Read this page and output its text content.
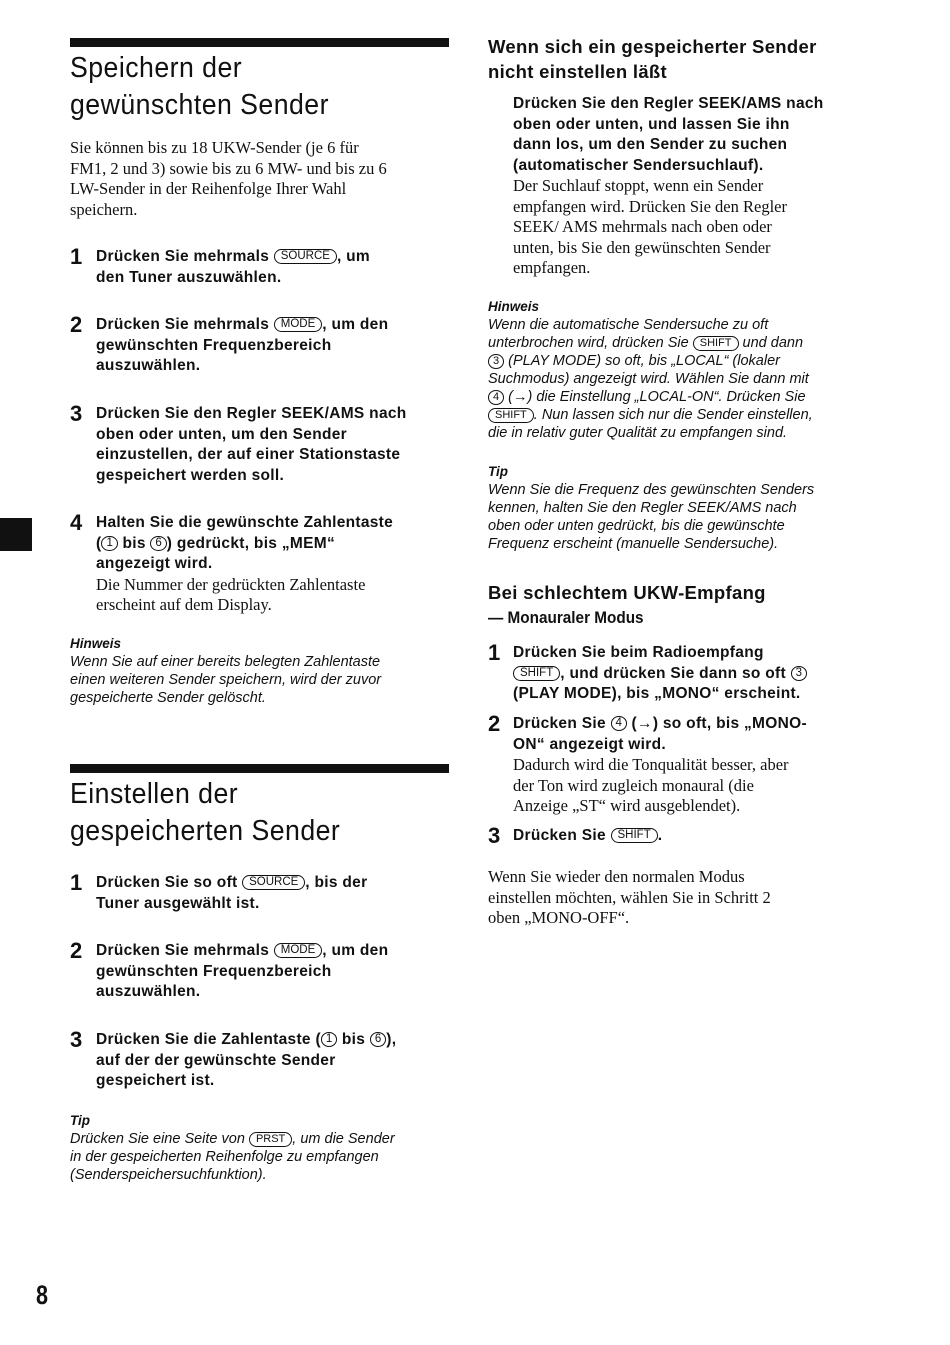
Speichern der
gewünschten Sender
Sie können bis zu 18 UKW-Sender (je 6 für
FM1, 2 und 3) sowie bis zu 6 MW- und bis zu 6
LW-Sender in der Reihenfolge Ihrer Wahl
speichern.
1 Drücken Sie mehrmals SOURCE , um
den Tuner auszuwählen.
2 Drücken Sie mehrmals MODE , um den
gewünschten Frequenzbereich
auszuwählen.
3 Drücken Sie den Regler SEEK/AMS nach
oben oder unten, um den Sender
einzustellen, der auf einer Stationstaste
gespeichert werden soll.
4 Halten Sie die gewünschte Zahlentaste
( 1 bis 6 ) gedrückt, bis „MEM“
angezeigt wird.
Die Nummer der gedrückten Zahlentaste
erscheint auf dem Display.
Hinweis
Wenn Sie auf einer bereits belegten Zahlentaste
einen weiteren Sender speichern, wird der zuvor
gespeicherte Sender gelöscht.
Einstellen der
gespeicherten Sender
1 Drücken Sie so oft SOURCE , bis der
Tuner ausgewählt ist.
2 Drücken Sie mehrmals MODE , um den
gewünschten Frequenzbereich
auszuwählen.
3 Drücken Sie die Zahlentaste ( 1 bis 6 ),
auf der der gewünschte Sender
gespeichert ist.
Tip
Drücken Sie eine Seite von PRST , um die Sender
in der gespeicherten Reihenfolge zu empfangen
(Senderspeichersuchfunktion).
Wenn sich ein gespeicherter Sender
nicht einstellen läßt
Drücken Sie den Regler SEEK/AMS nach
oben oder unten, und lassen Sie ihn
dann los, um den Sender zu suchen
(automatischer Sendersuchlauf).
Der Suchlauf stoppt, wenn ein Sender
empfangen wird. Drücken Sie den Regler
SEEK/ AMS mehrmals nach oben oder
unten, bis Sie den gewünschten Sender
empfangen.
Hinweis
Wenn die automatische Sendersuche zu oft
unterbrochen wird, drücken Sie SHIFT und dann
3 (PLAY MODE) so oft, bis „LOCAL“ (lokaler
Suchmodus) angezeigt wird. Wählen Sie dann mit
4 (→) die Einstellung „LOCAL-ON“. Drücken Sie
SHIFT . Nun lassen sich nur die Sender einstellen,
die in relativ guter Qualität zu empfangen sind.
Tip
Wenn Sie die Frequenz des gewünschten Senders
kennen, halten Sie den Regler SEEK/AMS nach
oben oder unten gedrückt, bis die gewünschte
Frequenz erscheint (manuelle Sendersuche).
Bei schlechtem UKW-Empfang
— Monauraler Modus
1 Drücken Sie beim Radioempfang
SHIFT , und drücken Sie dann so oft 3
(PLAY MODE), bis „MONO“ erscheint.
2 Drücken Sie 4 (→) so oft, bis „MONO-
ON“ angezeigt wird.
Dadurch wird die Tonqualität besser, aber
der Ton wird zugleich monaural (die
Anzeige „ST“ wird ausgeblendet).
3 Drücken Sie SHIFT .
Wenn Sie wieder den normalen Modus
einstellen möchten, wählen Sie in Schritt 2
oben „MONO-OFF“.
8
